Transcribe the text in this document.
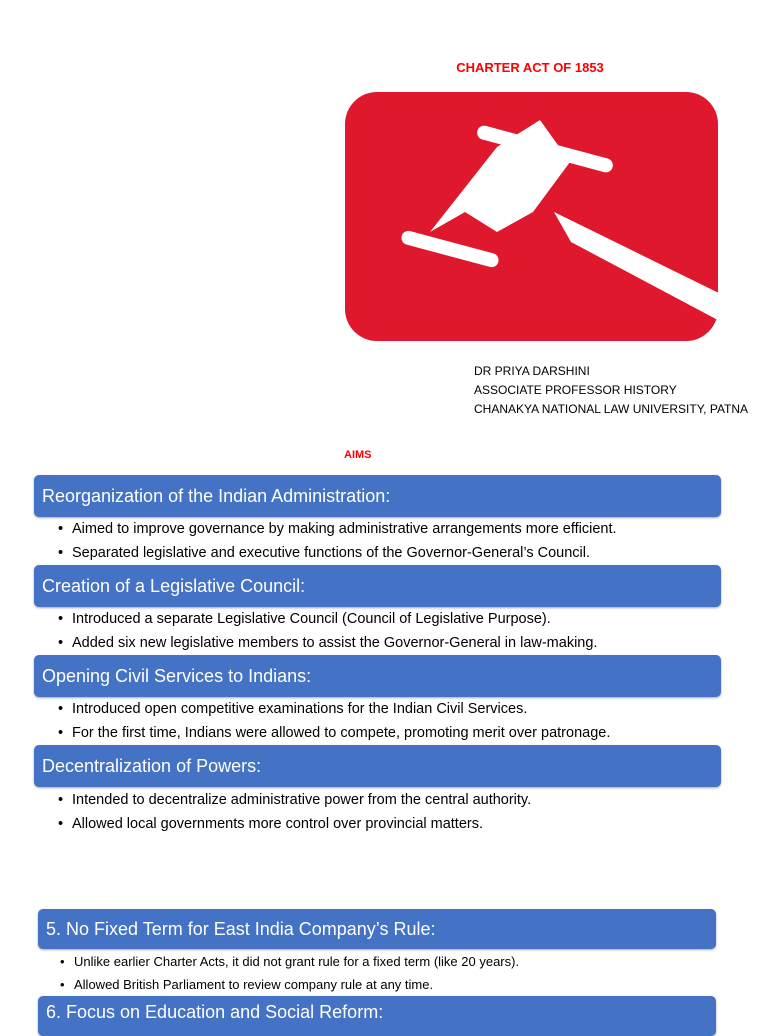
CHARTER ACT OF 1853
DR PRIYA DARSHINI
ASSOCIATE PROFESSOR HISTORY
CHANAKYA NATIONAL LAW UNIVERSITY, PATNA
AIMS
Reorganization of the Indian Administration :
• Aimed to improve governance by making administrative arrangements more efficient.
• Separated legislative and executive functions of the Governor-General’s Council.
Creation of a Legislative Council :
• Introduced a separate Legislative Council (Council of Legislative Purpose).
• Added six new legislative members to assist the Governor-General in law-making.
Opening Civil Services to Indians :
• Introduced open competitive examinations for the Indian Civil Services.
• For the first time, Indians were allowed to compete, promoting merit over patronage.
Decentralization of Powers :
• Intended to decentralize administrative power from the central authority.
• Allowed local governments more control over provincial matters.
5. No Fixed Term for East India Company’s Rule :
• Unlike earlier Charter Acts, it did not grant rule for a fixed term (like 20 years).
• Allowed British Parliament to review company rule at any time.
6. Focus on Education and Social Reform :
